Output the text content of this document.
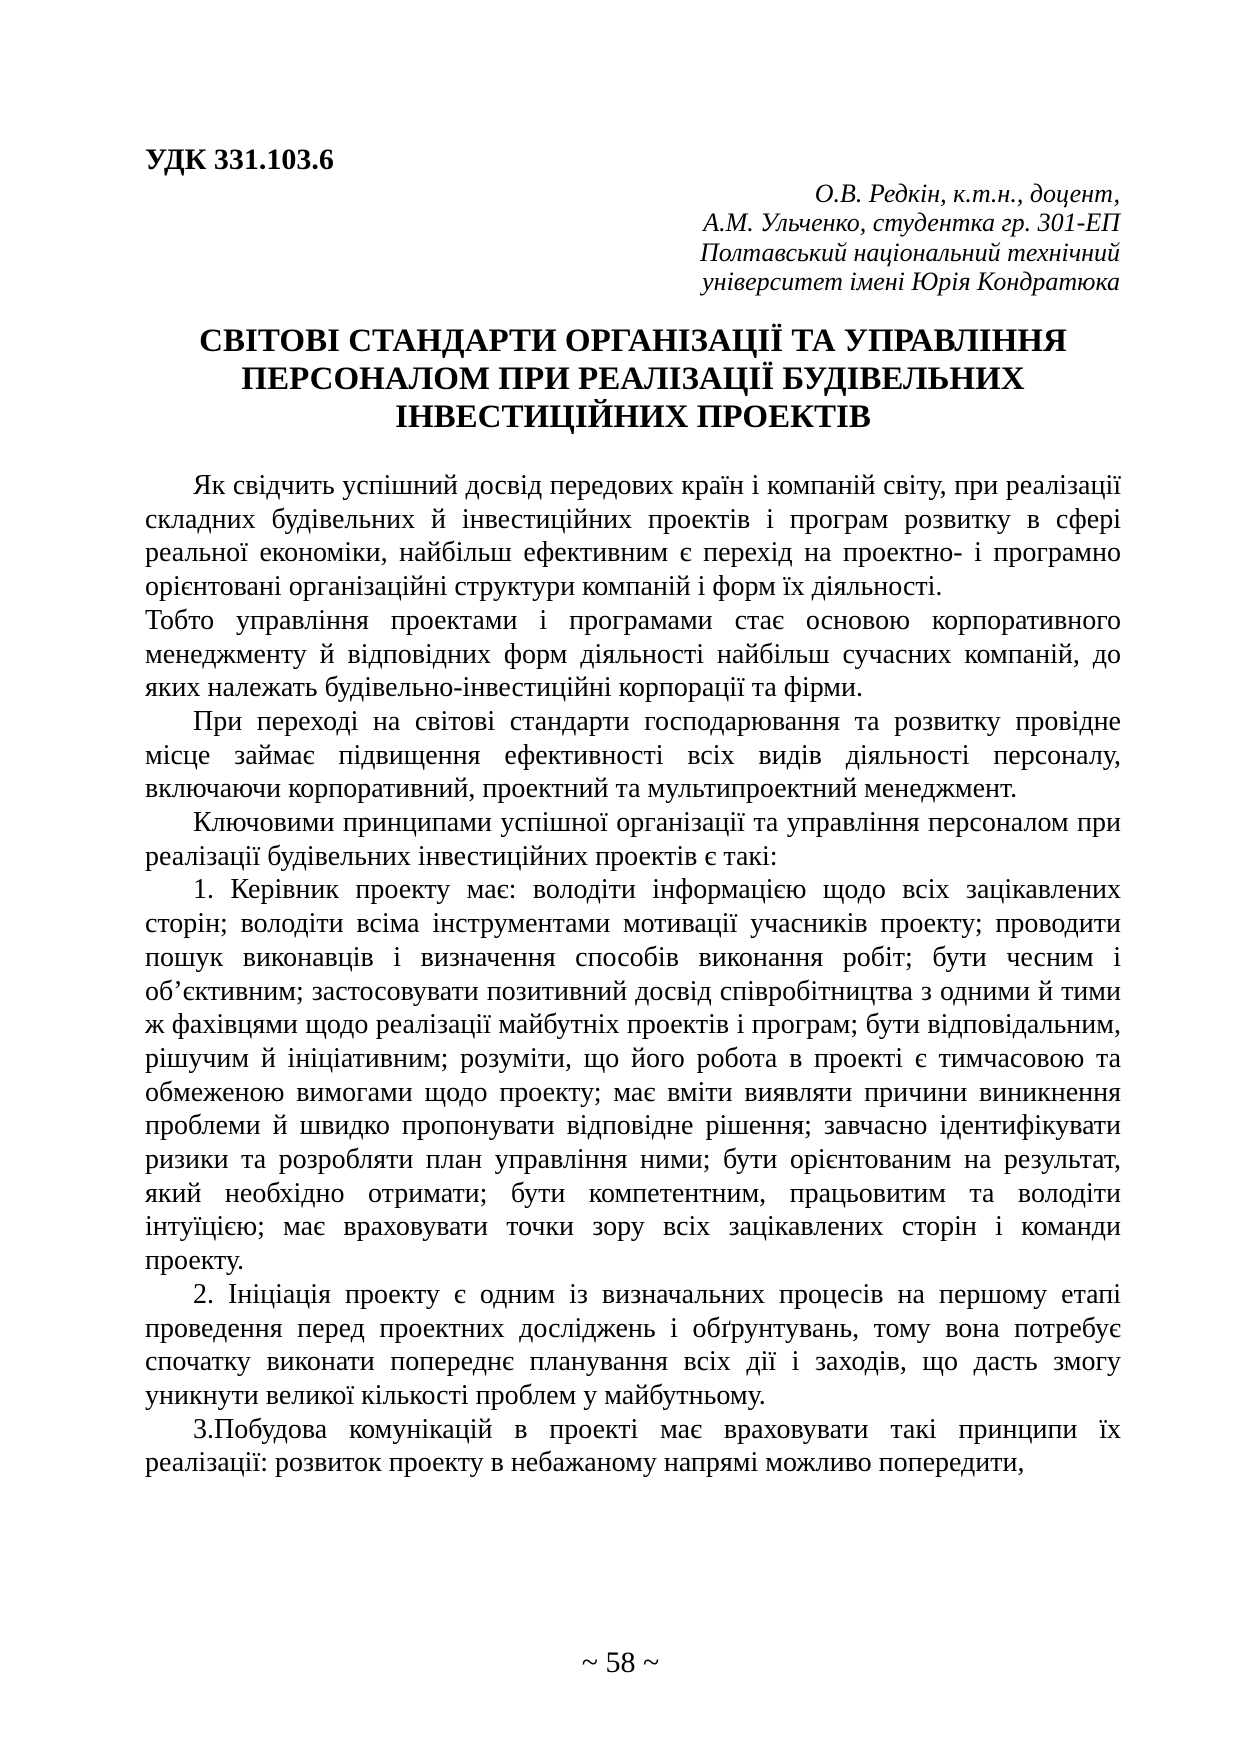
УДК 331.103.6
О.В. Редкін, к.т.н., доцент,
А.М. Ульченко, студентка гр. 301-ЕП
Полтавський національний технічний
університет імені Юрія Кондратюка
СВІТОВІ СТАНДАРТИ ОРГАНІЗАЦІЇ ТА УПРАВЛІННЯ
ПЕРСОНАЛОМ ПРИ РЕАЛІЗАЦІЇ БУДІВЕЛЬНИХ
ІНВЕСТИЦІЙНИХ ПРОЕКТІВ

Як свідчить успішний досвід передових країн і компаній світу, при реалізації складних будівельних й інвестиційних проектів і програм розвитку в сфері реальної економіки, найбільш ефективним є перехід на проектно- і програмно орієнтовані організаційні структури компаній і форм їх діяльності.

Тобто управління проектами і програмами стає основою корпоративного менеджменту й відповідних форм діяльності найбільш сучасних компаній, до яких належать будівельно-інвестиційні корпорації та фірми.

При переході на світові стандарти господарювання та розвитку провідне місце займає підвищення ефективності всіх видів діяльності персоналу, включаючи корпоративний, проектний та мультипроектний менеджмент.

Ключовими принципами успішної організації та управління персоналом при реалізації будівельних інвестиційних проектів є такі:

1. Керівник проекту має: володіти інформацією щодо всіх зацікавлених сторін; володіти всіма інструментами мотивації учасників проекту; проводити пошук виконавців і визначення способів виконання робіт; бути чесним і об’єктивним; застосовувати позитивний досвід співробітництва з одними й тими ж фахівцями щодо реалізації майбутніх проектів і програм; бути відповідальним, рішучим й ініціативним; розуміти, що його робота в проекті є тимчасовою та обмеженою вимогами щодо проекту; має вміти виявляти причини виникнення проблеми й швидко пропонувати відповідне рішення; завчасно ідентифікувати ризики та розробляти план управління ними; бути орієнтованим на результат, який необхідно отримати; бути компетентним, працьовитим та володіти інтуїцією; має враховувати точки зору всіх зацікавлених сторін і команди проекту.

2. Ініціація проекту є одним із визначальних процесів на першому етапі проведення перед проектних досліджень і обґрунтувань, тому вона потребує спочатку виконати попереднє планування всіх дії і заходів, що дасть змогу уникнути великої кількості проблем у майбутньому.

3.Побудова комунікацій в проекті має враховувати такі принципи їх реалізації: розвиток проекту в небажаному напрямі можливо попередити,

~ 58 ~
